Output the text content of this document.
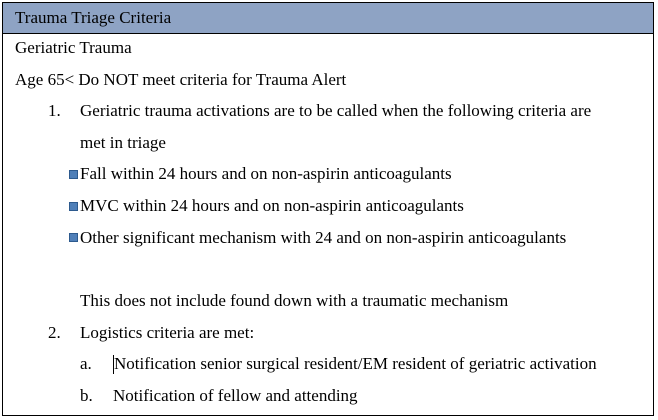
Trauma Triage Criteria
Geriatric Trauma
Age 65< Do NOT meet criteria for Trauma Alert
1. Geriatric trauma activations are to be called when the following criteria are
met in triage
Fall within 24 hours and on non-aspirin anticoagulants
MVC within 24 hours and on non-aspirin anticoagulants
Other significant mechanism with 24 and on non-aspirin anticoagulants
This does not include found down with a traumatic mechanism
2. Logistics criteria are met:
a. Notification senior surgical resident/EM resident of geriatric activation
b. Notification of fellow and attending
